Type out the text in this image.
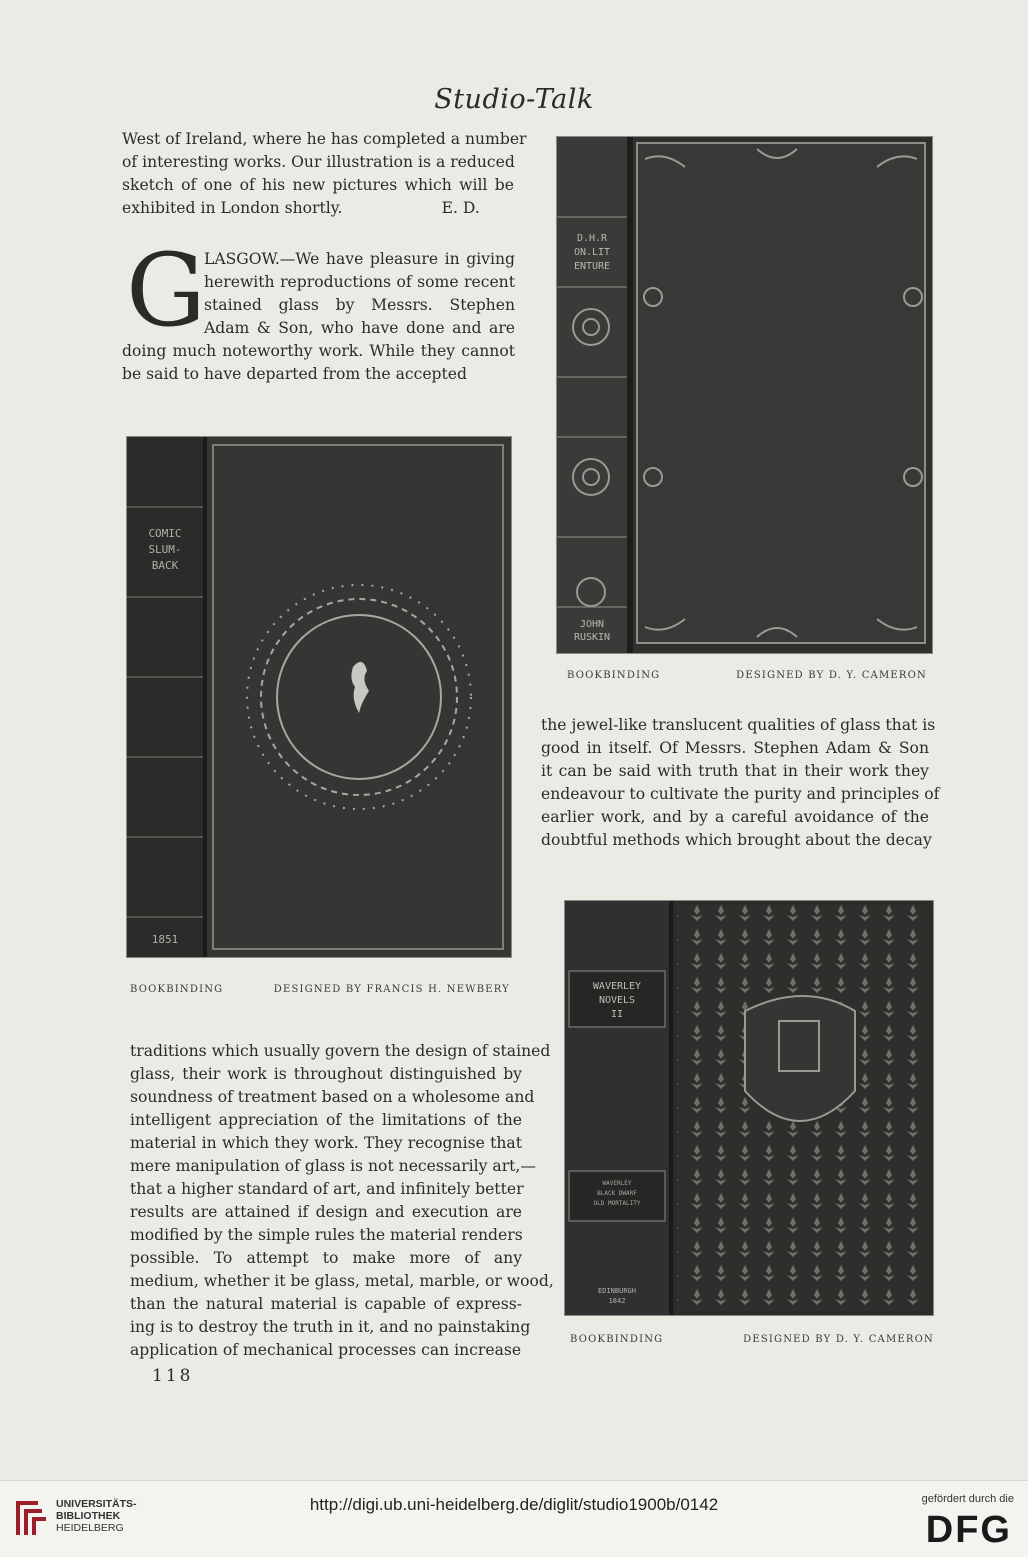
Studio-Talk
West of Ireland, where he has completed a number
of interesting works. Our illustration is a reduced
sketch of one of his new pictures which will be
exhibited in London shortly.                    E. D.
G
LASGOW.—We have pleasure in giving
herewith reproductions of some recent
stained glass by Messrs. Stephen
Adam & Son, who have done and are
doing much noteworthy work. While they cannot
be said to have departed from the accepted
D.H.R ON.LIT ENTURE
JOHN RUSKIN
BOOKBINDING	DESIGNED BY D. Y. CAMERON
COMIC SLUM-BACK
1851
BOOKBINDING	DESIGNED BY FRANCIS H. NEWBERY
the jewel-like translucent qualities of glass that is
good in itself. Of Messrs. Stephen Adam & Son
it can be said with truth that in their work they
endeavour to cultivate the purity and principles of
earlier work, and by a careful avoidance of the
doubtful methods which brought about the decay
WAVERLEY NOVELS II
WAVERLEY BLACK DWARF OLD MORTALITY
EDINBURGH 1842
BOOKBINDING	DESIGNED BY D. Y. CAMERON
traditions which usually govern the design of stained
glass, their work is throughout distinguished by
soundness of treatment based on a wholesome and
intelligent appreciation of the limitations of the
material in which they work. They recognise that
mere manipulation of glass is not necessarily art,—
that a higher standard of art, and infinitely better
results are attained if design and execution are
modified by the simple rules the material renders
possible. To attempt to make more of any
medium, whether it be glass, metal, marble, or wood,
than the natural material is capable of express-
ing is to destroy the truth in it, and no painstaking
application of mechanical processes can increase
118
UNIVERSITÄTS-
BIBLIOTHEK
HEIDELBERG
http://digi.ub.uni-heidelberg.de/diglit/studio1900b/0142	gefördert durch die
DFG
